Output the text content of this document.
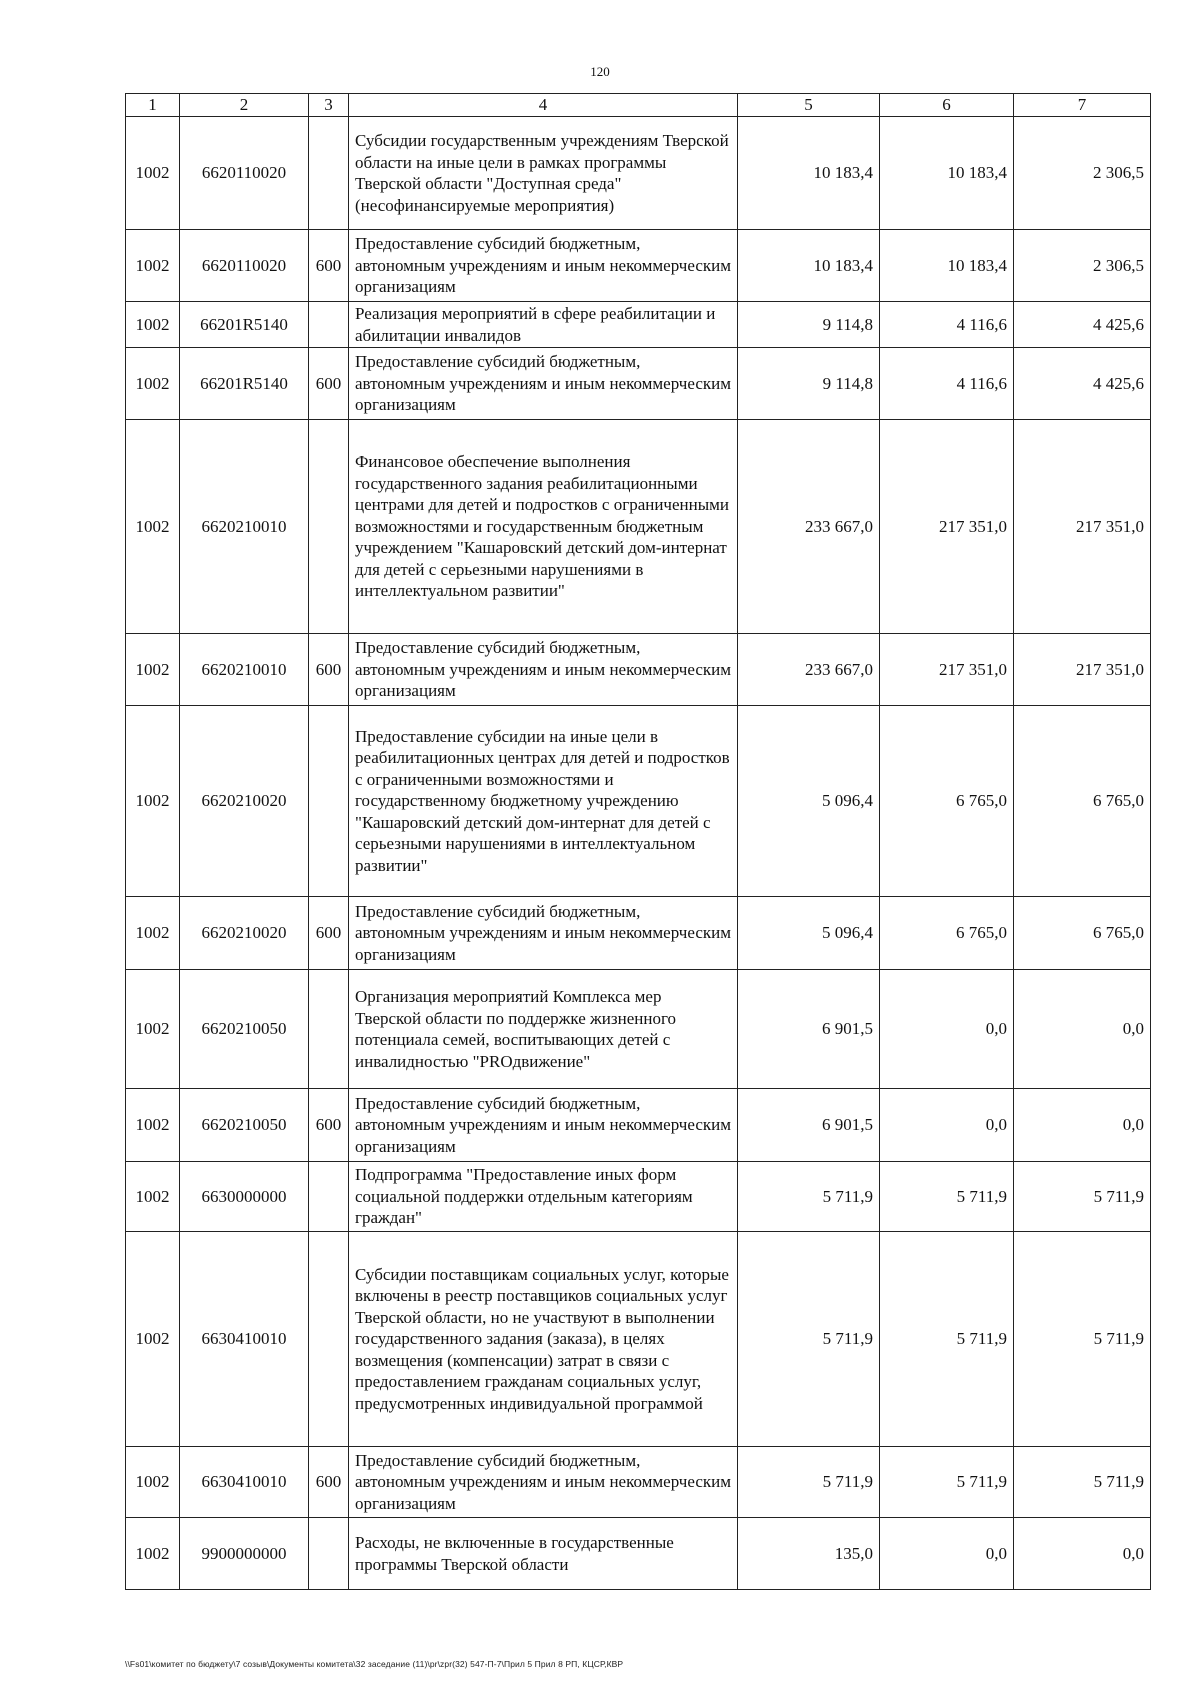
120
1	2	3	4	5	6	7
1002	6620110020		Субсидии государственным учреждениям Тверской области на иные цели в рамках программы Тверской области "Доступная среда" (несофинансируемые мероприятия)	10 183,4	10 183,4	2 306,5
1002	6620110020	600	Предоставление субсидий бюджетным, автономным учреждениям и иным некоммерческим организациям	10 183,4	10 183,4	2 306,5
1002	66201R5140		Реализация мероприятий в сфере реабилитации и абилитации инвалидов	9 114,8	4 116,6	4 425,6
1002	66201R5140	600	Предоставление субсидий бюджетным, автономным учреждениям и иным некоммерческим организациям	9 114,8	4 116,6	4 425,6
1002	6620210010		Финансовое обеспечение выполнения государственного задания реабилитационными центрами для детей и подростков с ограниченными возможностями и государственным бюджетным учреждением "Кашаровский детский дом-интернат для детей с серьезными нарушениями в интеллектуальном развитии"	233 667,0	217 351,0	217 351,0
1002	6620210010	600	Предоставление субсидий бюджетным, автономным учреждениям и иным некоммерческим организациям	233 667,0	217 351,0	217 351,0
1002	6620210020		Предоставление субсидии на иные цели в реабилитационных центрах для детей и подростков с ограниченными возможностями и государственному бюджетному учреждению "Кашаровский детский дом-интернат для детей с серьезными нарушениями в интеллектуальном развитии"	5 096,4	6 765,0	6 765,0
1002	6620210020	600	Предоставление субсидий бюджетным, автономным учреждениям и иным некоммерческим организациям	5 096,4	6 765,0	6 765,0
1002	6620210050		Организация мероприятий Комплекса мер Тверской области по поддержке жизненного потенциала семей, воспитывающих детей с инвалидностью "PROдвижение"	6 901,5	0,0	0,0
1002	6620210050	600	Предоставление субсидий бюджетным, автономным учреждениям и иным некоммерческим организациям	6 901,5	0,0	0,0
1002	6630000000		Подпрограмма "Предоставление иных форм социальной поддержки отдельным категориям граждан"	5 711,9	5 711,9	5 711,9
1002	6630410010		Субсидии поставщикам социальных услуг, которые включены в реестр поставщиков социальных услуг Тверской области, но не участвуют в выполнении государственного задания (заказа), в целях возмещения (компенсации) затрат в связи с предоставлением гражданам социальных услуг, предусмотренных индивидуальной программой	5 711,9	5 711,9	5 711,9
1002	6630410010	600	Предоставление субсидий бюджетным, автономным учреждениям и иным некоммерческим организациям	5 711,9	5 711,9	5 711,9
1002	9900000000		Расходы, не включенные в государственные программы Тверской области	135,0	0,0	0,0
\\Fs01\комитет по бюджету\7 созыв\Документы комитета\32 заседание (11)\pr\zpr(32) 547-П-7\Прил 5 Прил 8 РП, КЦСР,КВР
